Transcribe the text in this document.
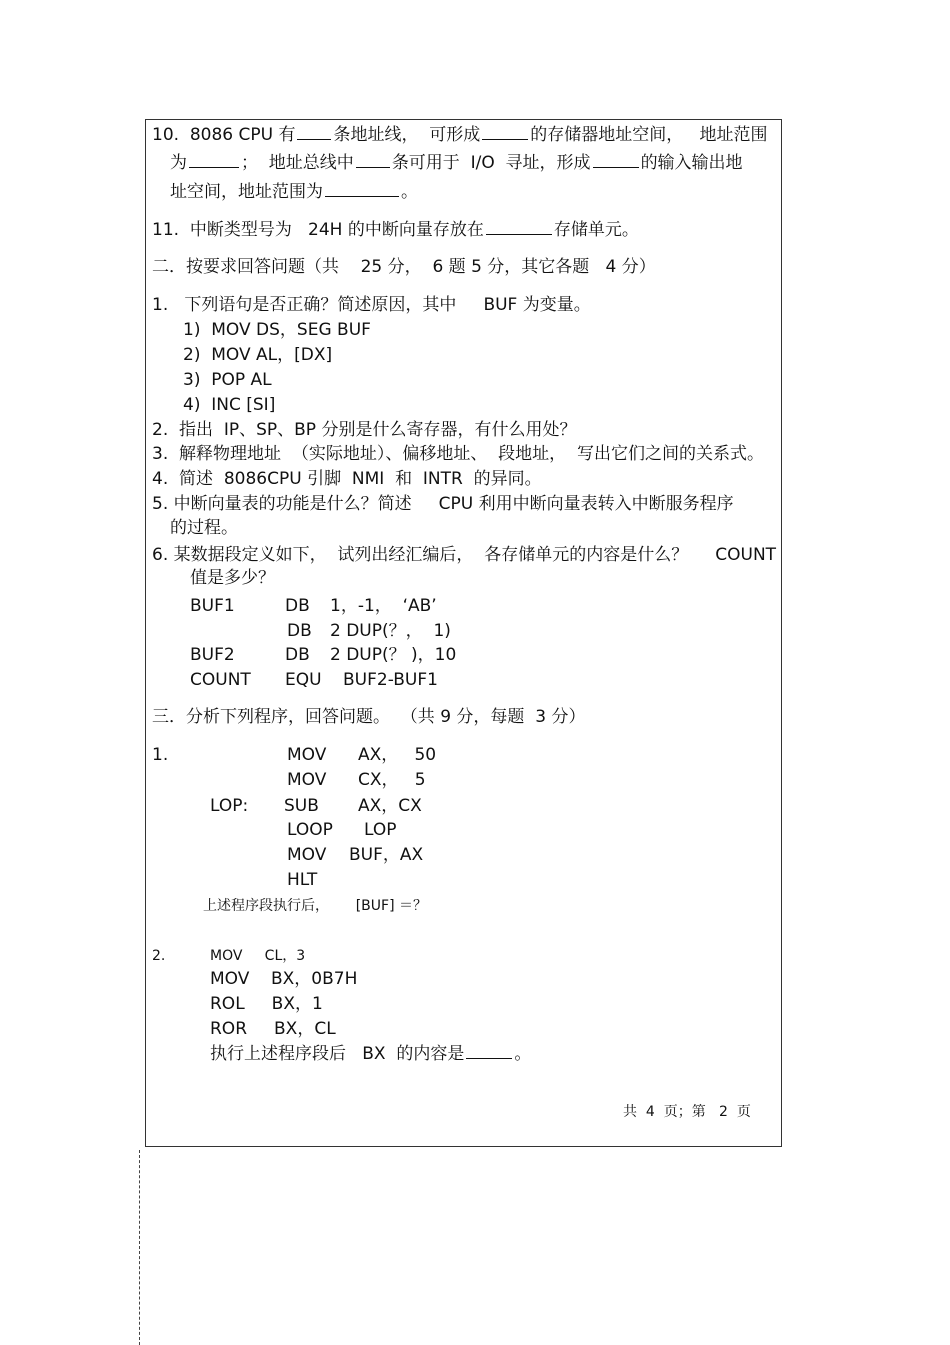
10.  8086 CPU 有 条地址线，  可形成	的存储器地址空间，   地址范围
为	；  地址总线中 条可用于  I/O  寻址，形成	的输入输出地
址空间，地址范围为	。
11.  中断类型号为   24H 的中断向量存放在	存储单元。
二．按要求回答问题（共    25 分，  6 题 5 分，其它各题   4 分）
1.   下列语句是否正确？简述原因，其中     BUF 为变量。
1)  MOV DS，SEG BUF
2)  MOV AL，[DX]
3)  POP AL
4)  INC [SI]
2.  指出  IP、SP、BP 分别是什么寄存器，有什么用处？
3.  解释物理地址  （实际地址）、偏移地址、  段地址，  写出它们之间的关系式。
4.  简述  8086CPU 引脚  NMI  和  INTR  的异同。
5. 中断向量表的功能是什么？简述     CPU 利用中断向量表转入中断服务程序
的过程。
6. 某数据段定义如下，  试列出经汇编后，  各存储单元的内容是什么？     COUNT
值是多少？
BUF1	DB 1，-1，  ‘AB’
DB 2 DUP(？，  1)
BUF2	DB 2 DUP(？ )，10
COUNT EQU BUF2-BUF1
三．分析下列程序，回答问题。  （共 9 分，每题  3 分）
1.	MOV AX，   50
MOV CX，   5
LOP: SUB AX，CX
LOOP LOP
MOV BUF，AX
HLT
上述程序段执行后，      [BUF] ＝？
2.	MOV     CL，3
MOV    BX，0B7H
ROL     BX，1
ROR     BX，CL
执行上述程序段后   BX  的内容是	。
共  4  页；第   2  页
